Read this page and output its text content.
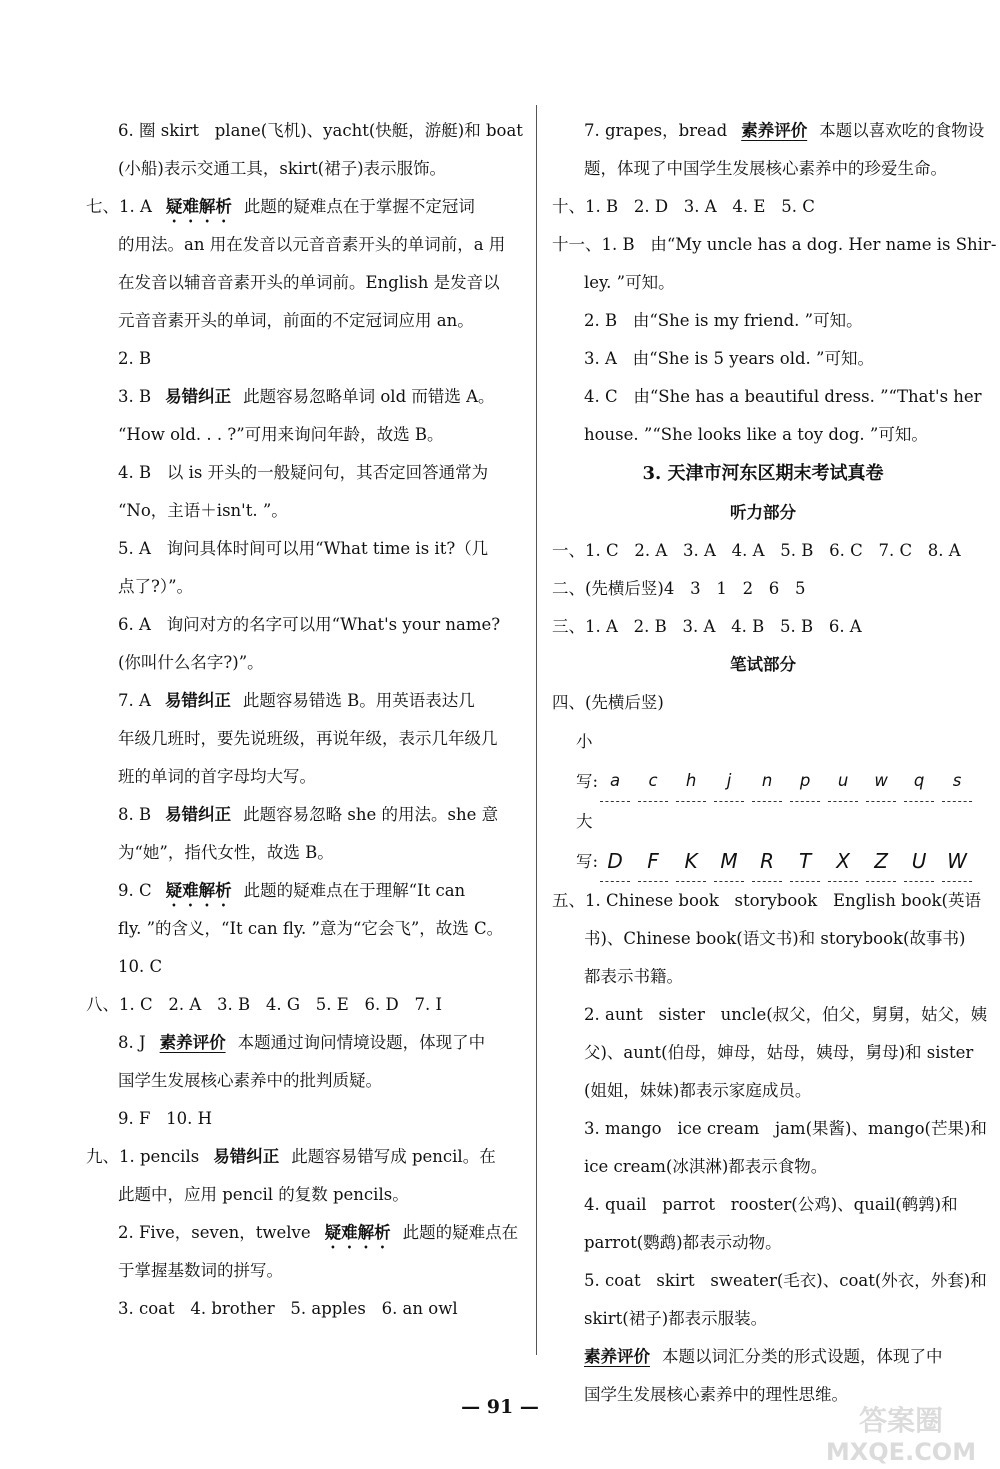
6. 圈 skirt   plane(飞机)、yacht(快艇，游艇)和 boat

(小船)表示交通工具，skirt(裙子)表示服饰。

七、1. A 疑难解析 此题的疑难点在于掌握不定冠词

的用法。an 用在发音以元音音素开头的单词前，a 用

在发音以辅音音素开头的单词前。English 是发音以

元音音素开头的单词，前面的不定冠词应用 an。

2. B

3. B 易错纠正 此题容易忽略单词 old 而错选 A。

“How old. . . ?”可用来询问年龄，故选 B。

4. B   以 is 开头的一般疑问句，其否定回答通常为

“No，主语＋isn't. ”。

5. A   询问具体时间可以用“What time is it?（几

点了?）”。

6. A   询问对方的名字可以用“What's your name?

(你叫什么名字?)”。

7. A 易错纠正 此题容易错选 B。用英语表达几

年级几班时，要先说班级，再说年级，表示几年级几

班的单词的首字母均大写。

8. B 易错纠正 此题容易忽略 she 的用法。she 意

为“她”，指代女性，故选 B。

9. C 疑难解析 此题的疑难点在于理解“It can

fly. ”的含义，“It can fly. ”意为“它会飞”，故选 C。

10. C

八、1. C   2. A   3. B   4. G   5. E   6. D   7. I

8. J 素养评价 本题通过询问情境设题，体现了中

国学生发展核心素养中的批判质疑。

9. F   10. H

九、1. pencils 易错纠正 此题容易错写成 pencil。在

此题中，应用 pencil 的复数 pencils。

2. Five，seven，twelve 疑难解析 此题的疑难点在

于掌握基数词的拼写。

3. coat   4. brother   5. apples   6. an owl

7. grapes，bread 素养评价 本题以喜欢吃的食物设

题，体现了中国学生发展核心素养中的珍爱生命。

十、1. B   2. D   3. A   4. E   5. C

十一、1. B   由“My uncle has a dog. Her name is Shir-

ley. ”可知。

2. B   由“She is my friend. ”可知。

3. A   由“She is 5 years old. ”可知。

4. C   由“She has a beautiful dress. ”“That's her

house. ”“She looks like a toy dog. ”可知。

3. 天津市河东区期末考试真卷

听力部分

一、1. C   2. A   3. A   4. A   5. B   6. C   7. C   8. A

二、(先横后竖)4   3   1   2   6   5

三、1. A   2. B   3. A   4. B   5. B   6. A

笔试部分

四、(先横后竖)

小写: a	c	h	j	n	p	u	w	q	s
大写: D	F	K	M	R	T	X	Z	U	W

五、1. Chinese book   storybook   English book(英语

书)、Chinese book(语文书)和 storybook(故事书)

都表示书籍。

2. aunt   sister   uncle(叔父，伯父，舅舅，姑父，姨

父)、aunt(伯母，婶母，姑母，姨母，舅母)和 sister

(姐姐，妹妹)都表示家庭成员。

3. mango   ice cream   jam(果酱)、mango(芒果)和

ice cream(冰淇淋)都表示食物。

4. quail   parrot   rooster(公鸡)、quail(鹌鹑)和

parrot(鹦鹉)都表示动物。

5. coat   skirt   sweater(毛衣)、coat(外衣，外套)和

skirt(裙子)都表示服装。

素养评价 本题以词汇分类的形式设题，体现了中

国学生发展核心素养中的理性思维。

— 91 —	答案圈
MXQE.COM
